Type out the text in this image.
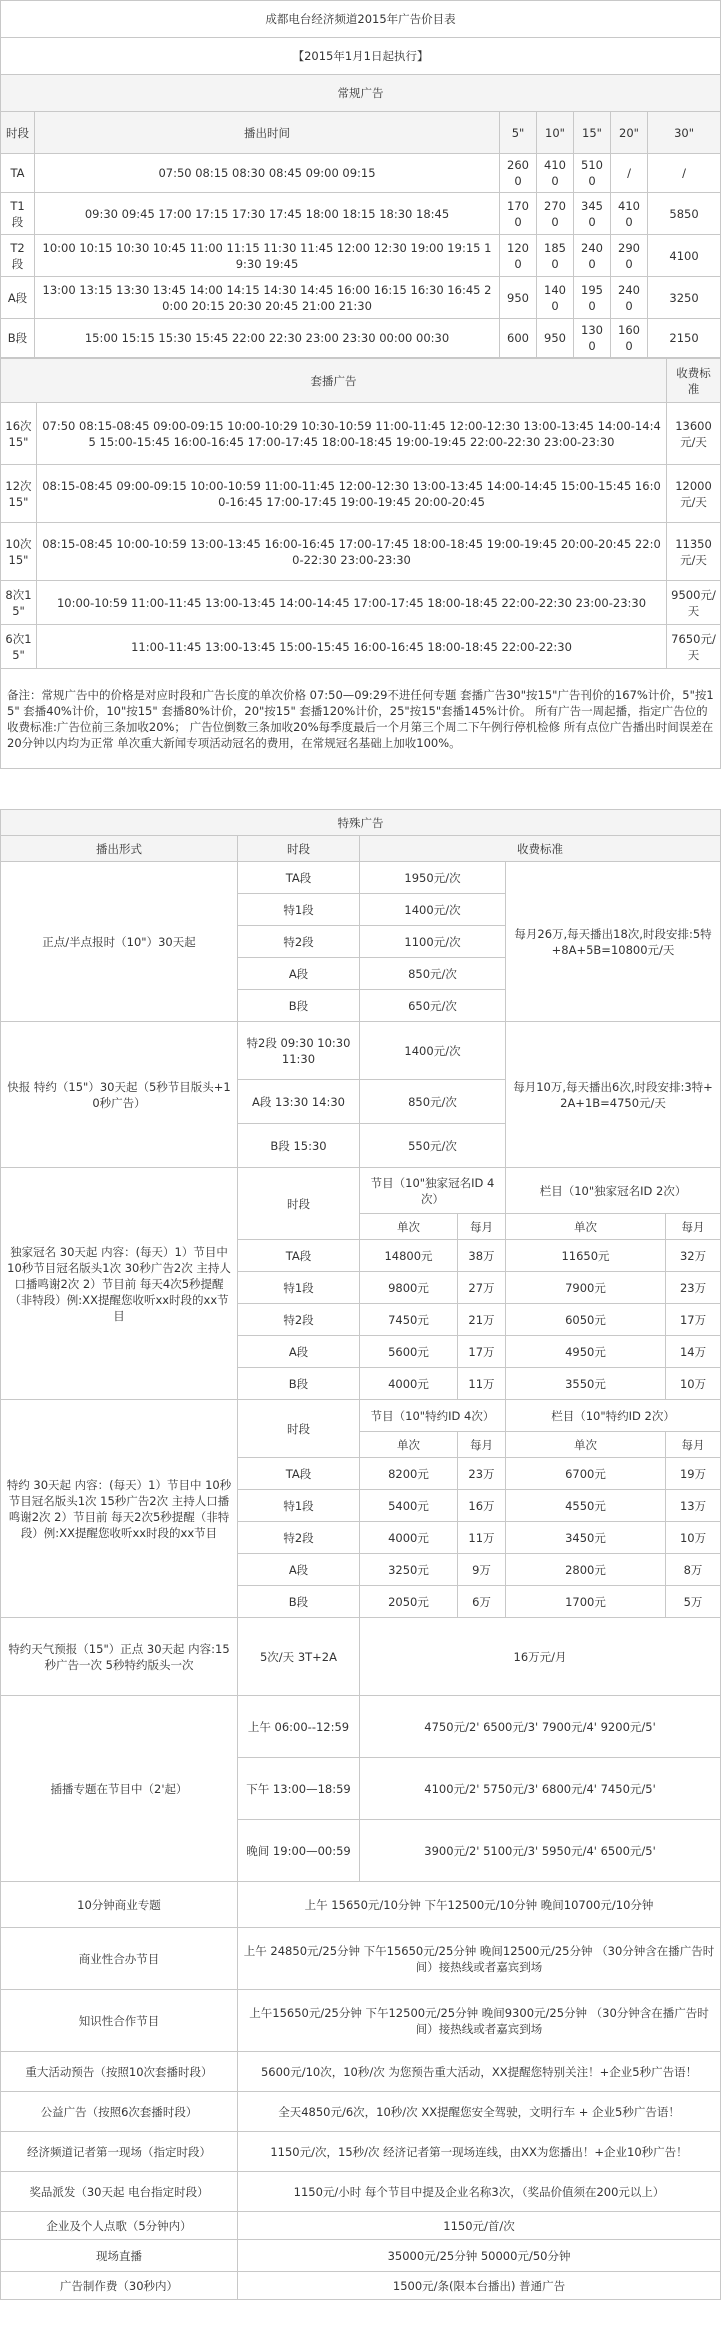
成都电台经济频道2015年广告价目表						
【2015年1月1日起执行】						
常规广告						
时段	播出时间	5"	10"	15"	20"	30"
TA	07:50 08:15 08:30 08:45 09:00 09:15	2600	4100	5100	/	/
T1段	09:30 09:45 17:00 17:15 17:30 17:45 18:00 18:15 18:30 18:45	1700	2700	3450	4100	5850
T2段	10:00 10:15 10:30 10:45 11:00 11:15 11:30 11:45 12:00 12:30 19:00 19:15 19:30 19:45	1200	1850	2400	2900	4100
A段	13:00 13:15 13:30 13:45 14:00 14:15 14:30 14:45 16:00 16:15 16:30 16:45 20:00 20:15 20:30 20:45 21:00 21:30	950	1400	1950	2400	3250
B段	15:00 15:15 15:30 15:45 22:00 22:30 23:00 23:30 00:00 00:30	600	950	1300	1600	2150
套播广告		收费标准
16次15"	07:50 08:15-08:45 09:00-09:15 10:00-10:29 10:30-10:59 11:00-11:45 12:00-12:30 13:00-13:45 14:00-14:45 15:00-15:45 16:00-16:45 17:00-17:45 18:00-18:45 19:00-19:45 22:00-22:30 23:00-23:30	13600元/天
12次15"	08:15-08:45 09:00-09:15 10:00-10:59 11:00-11:45 12:00-12:30 13:00-13:45 14:00-14:45 15:00-15:45 16:00-16:45 17:00-17:45 19:00-19:45 20:00-20:45	12000元/天
10次15"	08:15-08:45 10:00-10:59 13:00-13:45 16:00-16:45 17:00-17:45 18:00-18:45 19:00-19:45 20:00-20:45 22:00-22:30 23:00-23:30	11350元/天
8次15"	10:00-10:59 11:00-11:45 13:00-13:45 14:00-14:45 17:00-17:45 18:00-18:45 22:00-22:30 23:00-23:30	9500元/天
6次15"	11:00-11:45 13:00-13:45 15:00-15:45 16:00-16:45 18:00-18:45 22:00-22:30	7650元/天
备注：常规广告中的价格是对应时段和广告长度的单次价格 07:50—09:29不进任何专题 套播广告30"按15"广告刊价的167%计价，5"按15" 套播40%计价，10"按15" 套播80%计价，20"按15" 套播120%计价，25"按15"套播145%计价。 所有广告一周起播，指定广告位的收费标准:广告位前三条加收20%； 广告位倒数三条加收20%每季度最后一个月第三个周二下午例行停机检修 所有点位广告播出时间误差在20分钟以内均为正常 单次重大新闻专项活动冠名的费用，在常规冠名基础上加收100%。		
特殊广告					
播出形式	时段	收费标准			
正点/半点报时（10"）30天起	TA段	1950元/次		每月26万,每天播出18次,时段安排:5特+8A+5B=10800元/天	
	特1段	1400元/次			
	特2段	1100元/次			
	A段	850元/次			
	B段	650元/次			
快报 特约（15"）30天起（5秒节目版头+10秒广告）	特2段 09:30 10:30 11:30	1400元/次		每月10万,每天播出6次,时段安排:3特+2A+1B=4750元/天	
	A段 13:30 14:30	850元/次			
	B段 15:30	550元/次			
独家冠名 30天起 内容：(每天）1）节目中 10秒节目冠名版头1次 30秒广告2次 主持人口播鸣谢2次 2）节目前 每天4次5秒提醒（非特段）例:XX提醒您收听xx时段的xx节目	时段	节目（10"独家冠名ID 4次）		栏目（10"独家冠名ID 2次）	
		单次	每月	单次	每月
	TA段	14800元	38万	11650元	32万
	特1段	9800元	27万	7900元	23万
	特2段	7450元	21万	6050元	17万
	A段	5600元	17万	4950元	14万
	B段	4000元	11万	3550元	10万
特约 30天起 内容：(每天）1）节目中 10秒节目冠名版头1次 15秒广告2次 主持人口播鸣谢2次 2）节目前 每天2次5秒提醒（非特段）例:XX提醒您收听xx时段的xx节目	时段	节目（10"特约ID 4次）		栏目（10"特约ID 2次）	
		单次	每月	单次	每月
	TA段	8200元	23万	6700元	19万
	特1段	5400元	16万	4550元	13万
	特2段	4000元	11万	3450元	10万
	A段	3250元	9万	2800元	8万
	B段	2050元	6万	1700元	5万
特约天气预报（15"）正点 30天起 内容:15秒广告一次 5秒特约版头一次	5次/天 3T+2A	16万元/月			
插播专题在节目中（2'起）	上午 06:00--12:59	4750元/2' 6500元/3' 7900元/4' 9200元/5'			
	下午 13:00—18:59	4100元/2' 5750元/3' 6800元/4' 7450元/5'			
	晚间 19:00—00:59	3900元/2' 5100元/3' 5950元/4' 6500元/5'			
10分钟商业专题	上午 15650元/10分钟 下午12500元/10分钟 晚间10700元/10分钟				
商业性合办节目	上午 24850元/25分钟 下午15650元/25分钟 晚间12500元/25分钟 （30分钟含在播广告时间）接热线或者嘉宾到场				
知识性合作节目	上午15650元/25分钟 下午12500元/25分钟 晚间9300元/25分钟 （30分钟含在播广告时间）接热线或者嘉宾到场				
重大活动预告（按照10次套播时段）	5600元/10次，10秒/次 为您预告重大活动，XX提醒您特别关注！+企业5秒广告语！				
公益广告（按照6次套播时段）	全天4850元/6次，10秒/次 XX提醒您安全驾驶，文明行车 + 企业5秒广告语！				
经济频道记者第一现场（指定时段）	1150元/次，15秒/次 经济记者第一现场连线，由XX为您播出！+企业10秒广告！				
奖品派发（30天起 电台指定时段）	1150元/小时 每个节目中提及企业名称3次，（奖品价值须在200元以上）				
企业及个人点歌（5分钟内）	1150元/首/次				
现场直播	35000元/25分钟 50000元/50分钟				
广告制作费（30秒内）	1500元/条(限本台播出) 普通广告				
